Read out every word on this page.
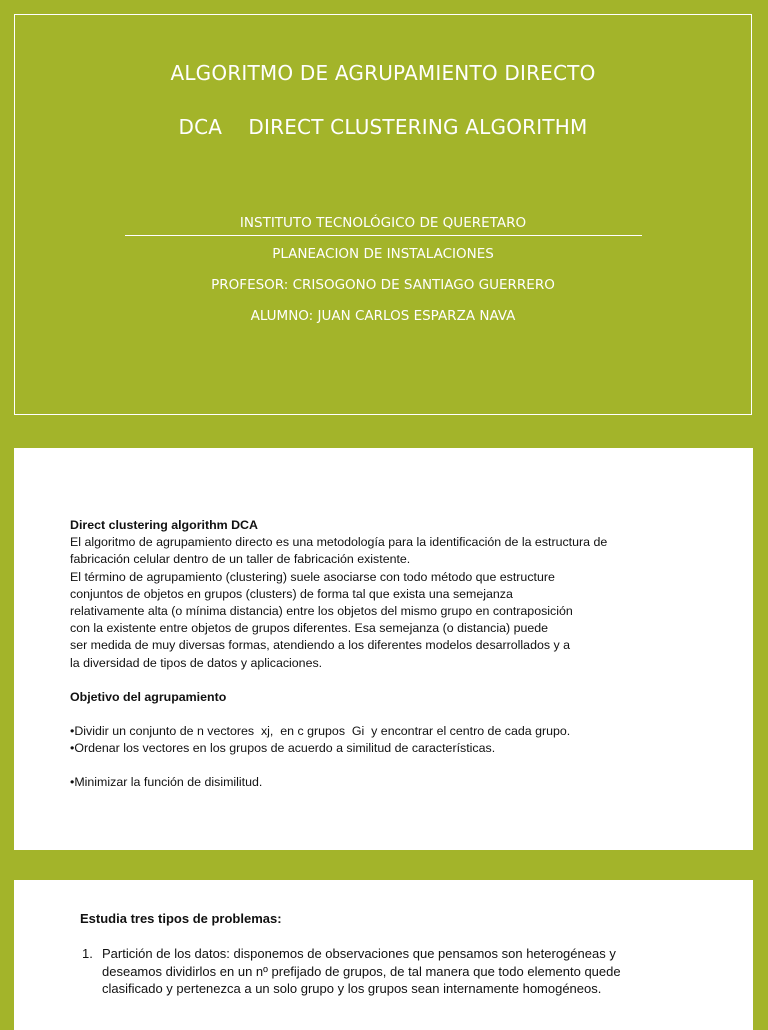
ALGORITMO DE AGRUPAMIENTO DIRECTO
DCA    DIRECT CLUSTERING ALGORITHM
INSTITUTO TECNOLÓGICO DE QUERETARO
PLANEACION DE INSTALACIONES
PROFESOR: CRISOGONO DE SANTIAGO GUERRERO
ALUMNO: JUAN CARLOS ESPARZA NAVA
Direct clustering algorithm DCA
El algoritmo de agrupamiento directo es una metodología para la identificación de la estructura de
fabricación celular dentro de un taller de fabricación existente.
El término de agrupamiento (clustering) suele asociarse con todo método que estructure
conjuntos de objetos en grupos (clusters) de forma tal que exista una semejanza
relativamente alta (o mínima distancia) entre los objetos del mismo grupo en contraposición
con la existente entre objetos de grupos diferentes. Esa semejanza (o distancia) puede
ser medida de muy diversas formas, atendiendo a los diferentes modelos desarrollados y a
la diversidad de tipos de datos y aplicaciones.
Objetivo del agrupamiento
•Dividir un conjunto de n vectores  xj,  en c grupos  Gi  y encontrar el centro de cada grupo.
•Ordenar los vectores en los grupos de acuerdo a similitud de características.
•Minimizar la función de disimilitud.
Estudia tres tipos de problemas:
1. Partición de los datos: disponemos de observaciones que pensamos son heterogéneas y
deseamos dividirlos en un nº prefijado de grupos, de tal manera que todo elemento quede
clasificado y pertenezca a un solo grupo y los grupos sean internamente homogéneos.
